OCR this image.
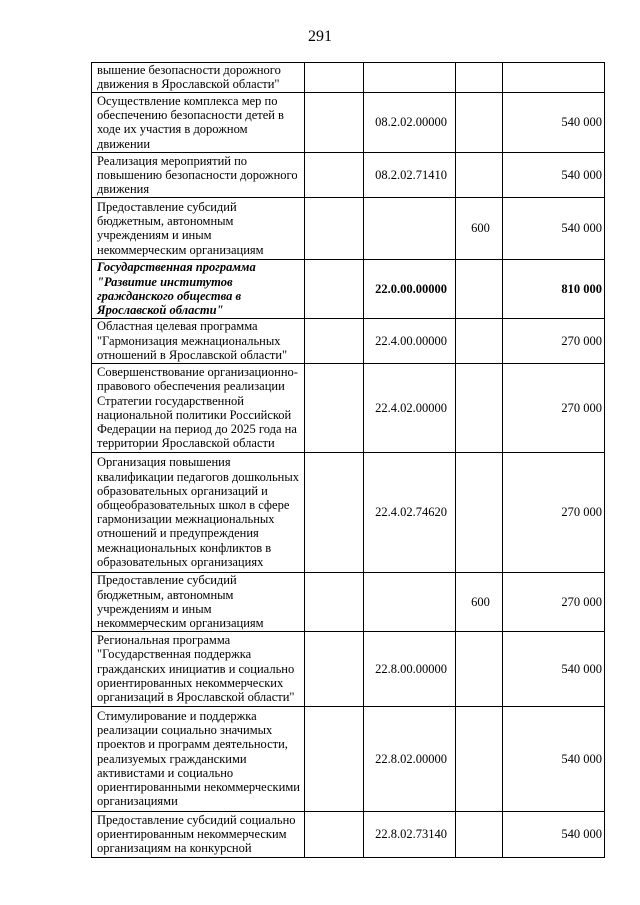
291
вышение безопасности дорожного движения в Ярославской области"				
Осуществление комплекса мер по обеспечению безопасности детей в ходе их участия в дорожном движении		08.2.02.00000		540 000
Реализация мероприятий по повышению безопасности дорожного движения		08.2.02.71410		540 000
Предоставление субсидий бюджетным, автономным учреждениям и иным некоммерческим организациям			600	540 000
Государственная программа "Развитие институтов гражданского общества в Ярославской области"		22.0.00.00000		810 000
Областная целевая программа "Гармонизация межнациональных отношений в Ярославской области"		22.4.00.00000		270 000
Совершенствование организационно-правового обеспечения реализации Стратегии государственной национальной политики Российской Федерации на период до 2025 года на территории Ярославской области		22.4.02.00000		270 000
Организация повышения квалификации педагогов дошкольных образовательных организаций и общеобразовательных школ в сфере гармонизации межнациональных отношений и предупреждения межнациональных конфликтов в образовательных организациях		22.4.02.74620		270 000
Предоставление субсидий бюджетным, автономным учреждениям и иным некоммерческим организациям			600	270 000
Региональная программа "Государственная поддержка гражданских инициатив и социально ориентированных некоммерческих организаций в Ярославской области"		22.8.00.00000		540 000
Стимулирование и поддержка реализации социально значимых проектов и программ деятельности, реализуемых гражданскими активистами и социально ориентированными некоммерческими организациями		22.8.02.00000		540 000
Предоставление субсидий социально ориентированным некоммерческим организациям на конкурсной		22.8.02.73140		540 000
